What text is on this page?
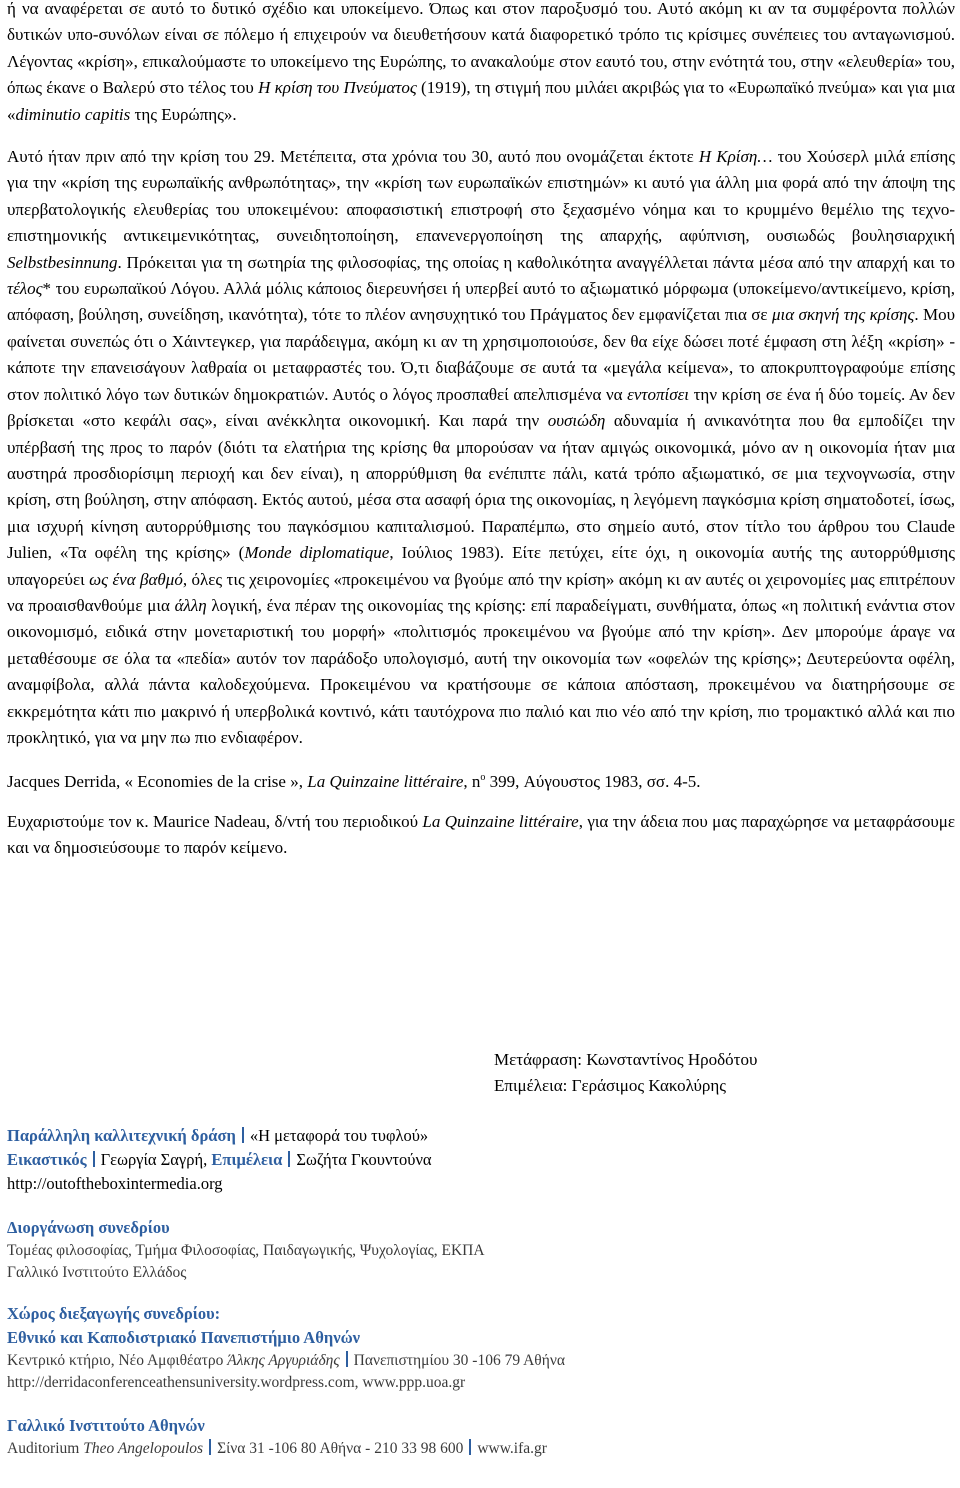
ή να αναφέρεται σε αυτό το δυτικό σχέδιο και υποκείμενο. Όπως και στον παροξυσμό του. Αυτό ακόμη κι αν τα συμφέροντα πολλών δυτικών υπο-συνόλων είναι σε πόλεμο ή επιχειρούν να διευθετήσουν κατά διαφορετικό τρόπο τις κρίσιμες συνέπειες του ανταγωνισμού. Λέγοντας «κρίση», επικαλούμαστε το υποκείμενο της Ευρώπης, το ανακαλούμε στον εαυτό του, στην ενότητά του, στην «ελευθερία» του, όπως έκανε ο Βαλερύ στο τέλος του Η κρίση του Πνεύματος (1919), τη στιγμή που μιλάει ακριβώς για το «Ευρωπαϊκό πνεύμα» και για μια «diminutio capitis της Ευρώπης».

Αυτό ήταν πριν από την κρίση του 29. Μετέπειτα, στα χρόνια του 30, αυτό που ονομάζεται έκτοτε Η Κρίση… του Χούσερλ μιλά επίσης για την «κρίση της ευρωπαϊκής ανθρωπότητας», την «κρίση των ευρωπαϊκών επιστημών» κι αυτό για άλλη μια φορά από την άποψη της υπερβατολογικής ελευθερίας του υποκειμένου: αποφασιστική επιστροφή στο ξεχασμένο νόημα και το κρυμμένο θεμέλιο της τεχνο-επιστημονικής αντικειμενικότητας, συνειδητοποίηση, επανενεργοποίηση της απαρχής, αφύπνιση, ουσιωδώς βουλησιαρχική Selbstbesinnung. Πρόκειται για τη σωτηρία της φιλοσοφίας, της οποίας η καθολικότητα αναγγέλλεται πάντα μέσα από την απαρχή και το τέλος* του ευρωπαϊκού Λόγου. Αλλά μόλις κάποιος διερευνήσει ή υπερβεί αυτό το αξιωματικό μόρφωμα (υποκείμενο/αντικείμενο, κρίση, απόφαση, βούληση, συνείδηση, ικανότητα), τότε το πλέον ανησυχητικό του Πράγματος δεν εμφανίζεται πια σε μια σκηνή της κρίσης. Μου φαίνεται συνεπώς ότι ο Χάιντεγκερ, για παράδειγμα, ακόμη κι αν τη χρησιμοποιούσε, δεν θα είχε δώσει ποτέ έμφαση στη λέξη «κρίση» - κάποτε την επανεισάγουν λαθραία οι μεταφραστές του. Ό,τι διαβάζουμε σε αυτά τα «μεγάλα κείμενα», το αποκρυπτογραφούμε επίσης στον πολιτικό λόγο των δυτικών δημοκρατιών. Αυτός ο λόγος προσπαθεί απελπισμένα να εντοπίσει την κρίση σε ένα ή δύο τομείς. Αν δεν βρίσκεται «στο κεφάλι σας», είναι ανέκκλητα οικονομική. Και παρά την ουσιώδη αδυναμία ή ανικανότητα που θα εμποδίζει την υπέρβασή της προς το παρόν (διότι τα ελατήρια της κρίσης θα μπορούσαν να ήταν αμιγώς οικονομικά, μόνο αν η οικονομία ήταν μια αυστηρά προσδιορίσιμη περιοχή και δεν είναι), η απορρύθμιση θα ενέπιπτε πάλι, κατά τρόπο αξιωματικό, σε μια τεχνογνωσία, στην κρίση, στη βούληση, στην απόφαση. Εκτός αυτού, μέσα στα ασαφή όρια της οικονομίας, η λεγόμενη παγκόσμια κρίση σηματοδοτεί, ίσως, μια ισχυρή κίνηση αυτορρύθμισης του παγκόσμιου καπιταλισμού. Παραπέμπω, στο σημείο αυτό, στον τίτλο του άρθρου του Claude Julien, «Τα οφέλη της κρίσης» (Monde diplomatique, Ιούλιος 1983). Είτε πετύχει, είτε όχι, η οικονομία αυτής της αυτορρύθμισης υπαγορεύει ως ένα βαθμό, όλες τις χειρονομίες «προκειμένου να βγούμε από την κρίση» ακόμη κι αν αυτές οι χειρονομίες μας επιτρέπουν να προαισθανθούμε μια άλλη λογική, ένα πέραν της οικονομίας της κρίσης: επί παραδείγματι, συνθήματα, όπως «η πολιτική ενάντια στον οικονομισμό, ειδικά στην μονεταριστική του μορφή» «πολιτισμός προκειμένου να βγούμε από την κρίση». Δεν μπορούμε άραγε να μεταθέσουμε σε όλα τα «πεδία» αυτόν τον παράδοξο υπολογισμό, αυτή την οικονομία των «οφελών της κρίσης»; Δευτερεύοντα οφέλη, αναμφίβολα, αλλά πάντα καλοδεχούμενα. Προκειμένου να κρατήσουμε σε κάποια απόσταση, προκειμένου να διατηρήσουμε σε εκκρεμότητα κάτι πιο μακρινό ή υπερβολικά κοντινό, κάτι ταυτόχρονα πιο παλιό και πιο νέο από την κρίση, πιο τρομακτικό αλλά και πιο προκλητικό, για να μην πω πιο ενδιαφέρον.

Jacques Derrida, « Economies de la crise », La Quinzaine littéraire, $n^o$ 399, Αύγουστος 1983, σσ. 4-5.

Ευχαριστούμε τον κ. Maurice Nadeau, δ/ντή του περιοδικού La Quinzaine littéraire, για την άδεια που μας παραχώρησε να μεταφράσουμε και να δημοσιεύσουμε το παρόν κείμενο.

Μετάφραση: Κωνσταντίνος Ηροδότου
Επιμέλεια: Γεράσιμος Κακολύρης
Παράλληλη καλλιτεχνική δράση «Η μεταφορά του τυφλού»
Εικαστικός Γεωργία Σαγρή, Επιμέλεια Σωζήτα Γκουντούνα
http://outoftheboxintermedia.org
Διοργάνωση συνεδρίου
Τομέας φιλοσοφίας, Τμήμα Φιλοσοφίας, Παιδαγωγικής, Ψυχολογίας, ΕΚΠΑ
Γαλλικό Ινστιτούτο Ελλάδος
Χώρος διεξαγωγής συνεδρίου:
Εθνικό και Καποδιστριακό Πανεπιστήμιο Αθηνών
Κεντρικό κτήριο, Νέο Αμφιθέατρο Άλκης Αργυριάδης Πανεπιστημίου 30 -106 79 Αθήνα
http://derridaconferenceathensuniversity.wordpress.com, www.ppp.uoa.gr
Γαλλικό Ινστιτούτο Αθηνών
Auditorium Theo Angelopoulos Σίνα 31 -106 80 Αθήνα - 210 33 98 600 www.ifa.gr
